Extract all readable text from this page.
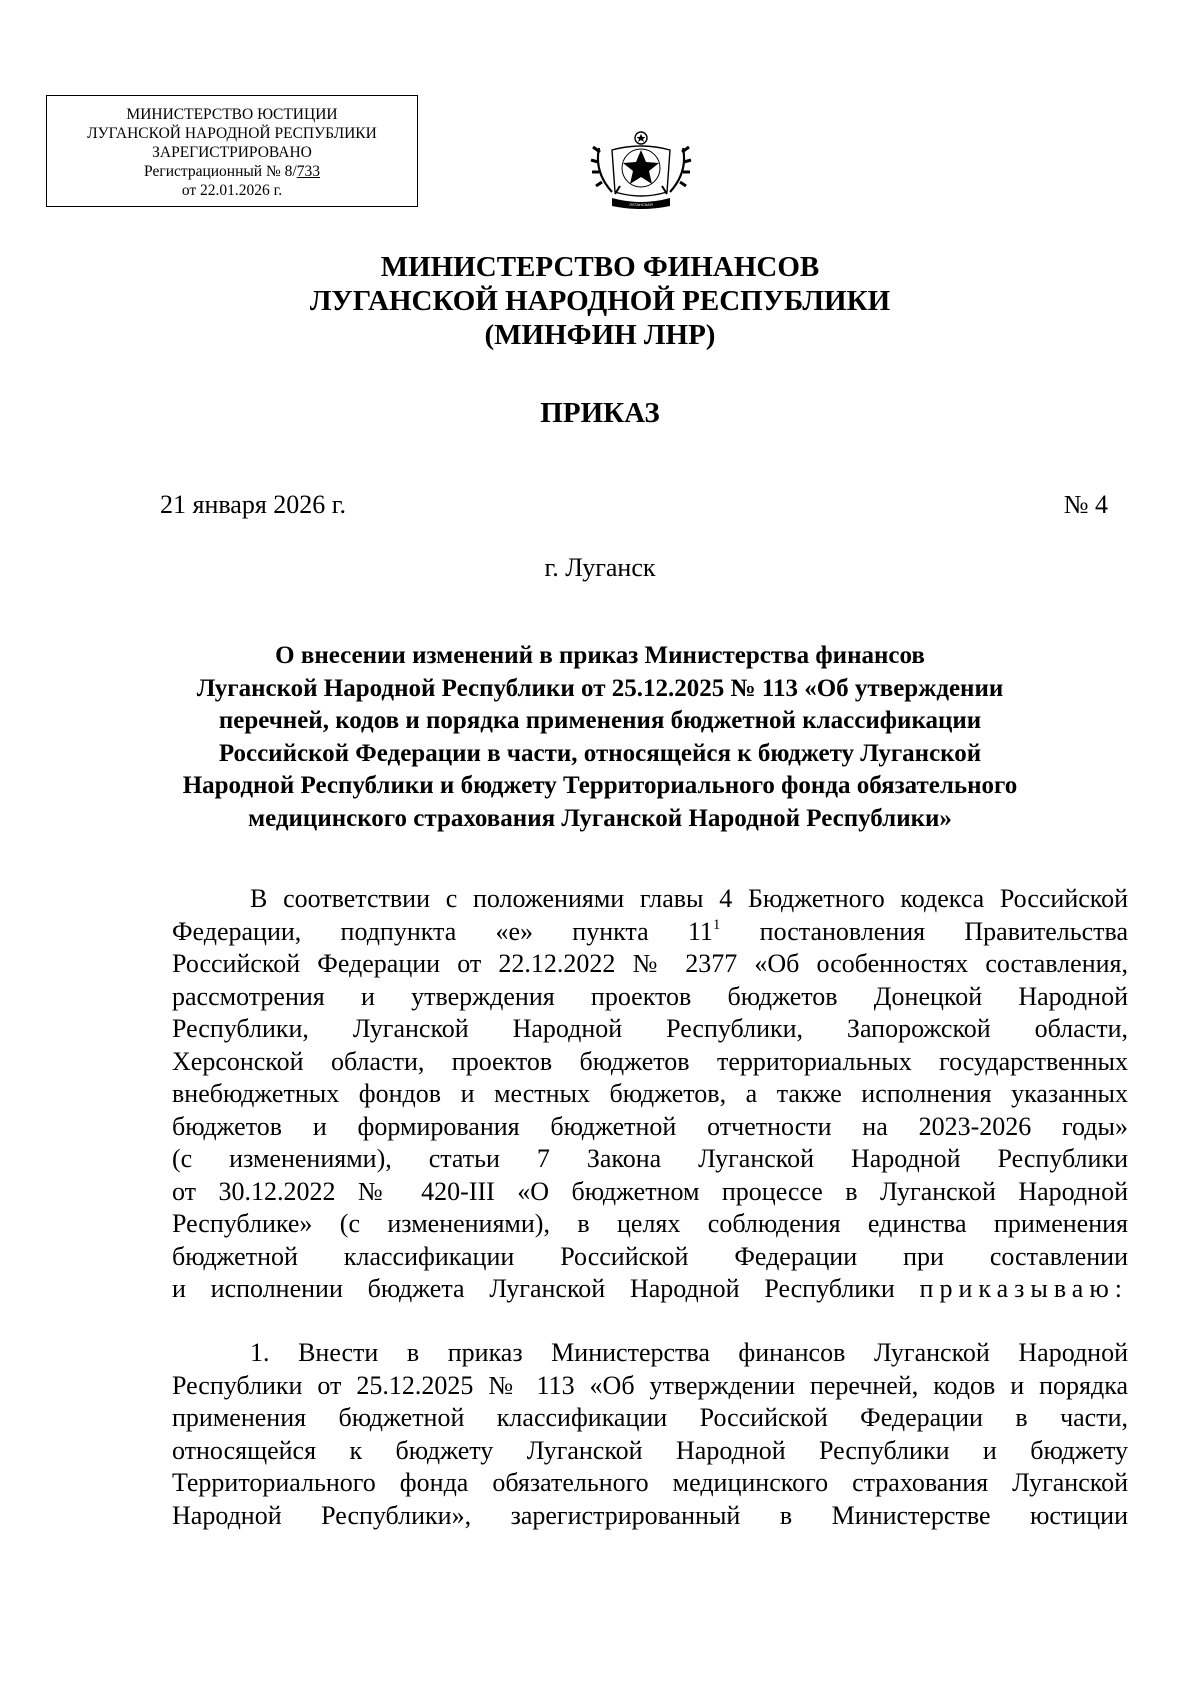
МИНИСТЕРСТВО ЮСТИЦИИ
ЛУГАНСКОЙ НАРОДНОЙ РЕСПУБЛИКИ
ЗАРЕГИСТРИРОВАНО
Регистрационный № 8/733
от 22.01.2026 г.
ЛУГАНСКАЯ
МИНИСТЕРСТВО ФИНАНСОВ
ЛУГАНСКОЙ НАРОДНОЙ РЕСПУБЛИКИ
(МИНФИН ЛНР)
ПРИКАЗ
21 января 2026 г.	№ 4
г. Луганск
О внесении изменений в приказ Министерства финансов
Луганской Народной Республики от 25.12.2025 № 113 «Об утверждении
перечней, кодов и порядка применения бюджетной классификации
Российской Федерации в части, относящейся к бюджету Луганской
Народной Республики и бюджету Территориального фонда обязательного
медицинского страхования Луганской Народной Республики»
В соответствии с положениями главы 4 Бюджетного кодекса Российской
Федерации, подпункта «е» пункта $11^1$ постановления Правительства
Российской Федерации от 22.12.2022 № 2377 «Об особенностях составления,
рассмотрения и утверждения проектов бюджетов Донецкой Народной
Республики, Луганской Народной Республики, Запорожской области,
Херсонской области, проектов бюджетов территориальных государственных
внебюджетных фондов и местных бюджетов, а также исполнения указанных
бюджетов и формирования бюджетной отчетности на 2023-2026 годы»
(с изменениями), статьи 7 Закона Луганской Народной Республики
от 30.12.2022 № 420-III «О бюджетном процессе в Луганской Народной
Республике» (с изменениями), в целях соблюдения единства применения
бюджетной классификации Российской Федерации при составлении
и исполнении бюджета Луганской Народной Республики приказываю:
1. Внести в приказ Министерства финансов Луганской Народной
Республики от 25.12.2025 № 113 «Об утверждении перечней, кодов и порядка
применения бюджетной классификации Российской Федерации в части,
относящейся к бюджету Луганской Народной Республики и бюджету
Территориального фонда обязательного медицинского страхования Луганской
Народной Республики», зарегистрированный в Министерстве юстиции
